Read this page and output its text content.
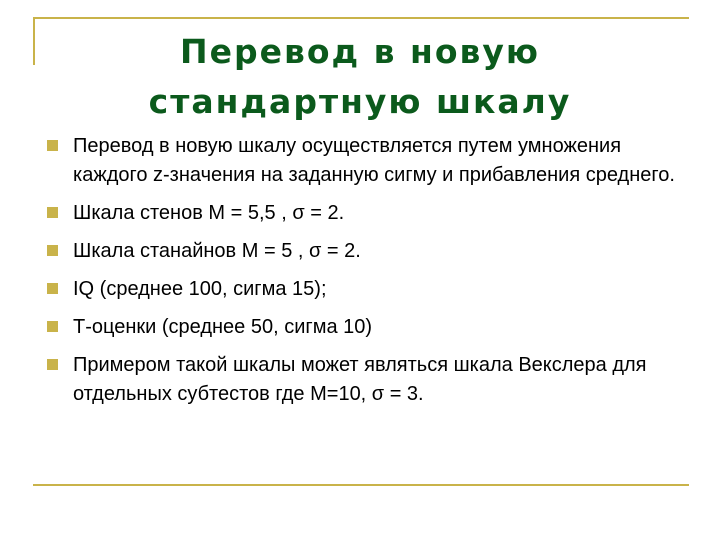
Перевод в новую
стандартную шкалу
Перевод в новую шкалу осуществляется путем умножения каждого z-значения на заданную сигму и прибавления среднего.
Шкала стенов М = 5,5 , σ = 2.
Шкала станайнов М = 5 , σ = 2.
IQ (среднее 100, сигма 15);
Т-оценки (среднее 50, сигма 10)
Примером такой шкалы может являться шкала Векслера для отдельных субтестов где М=10, σ = 3.
